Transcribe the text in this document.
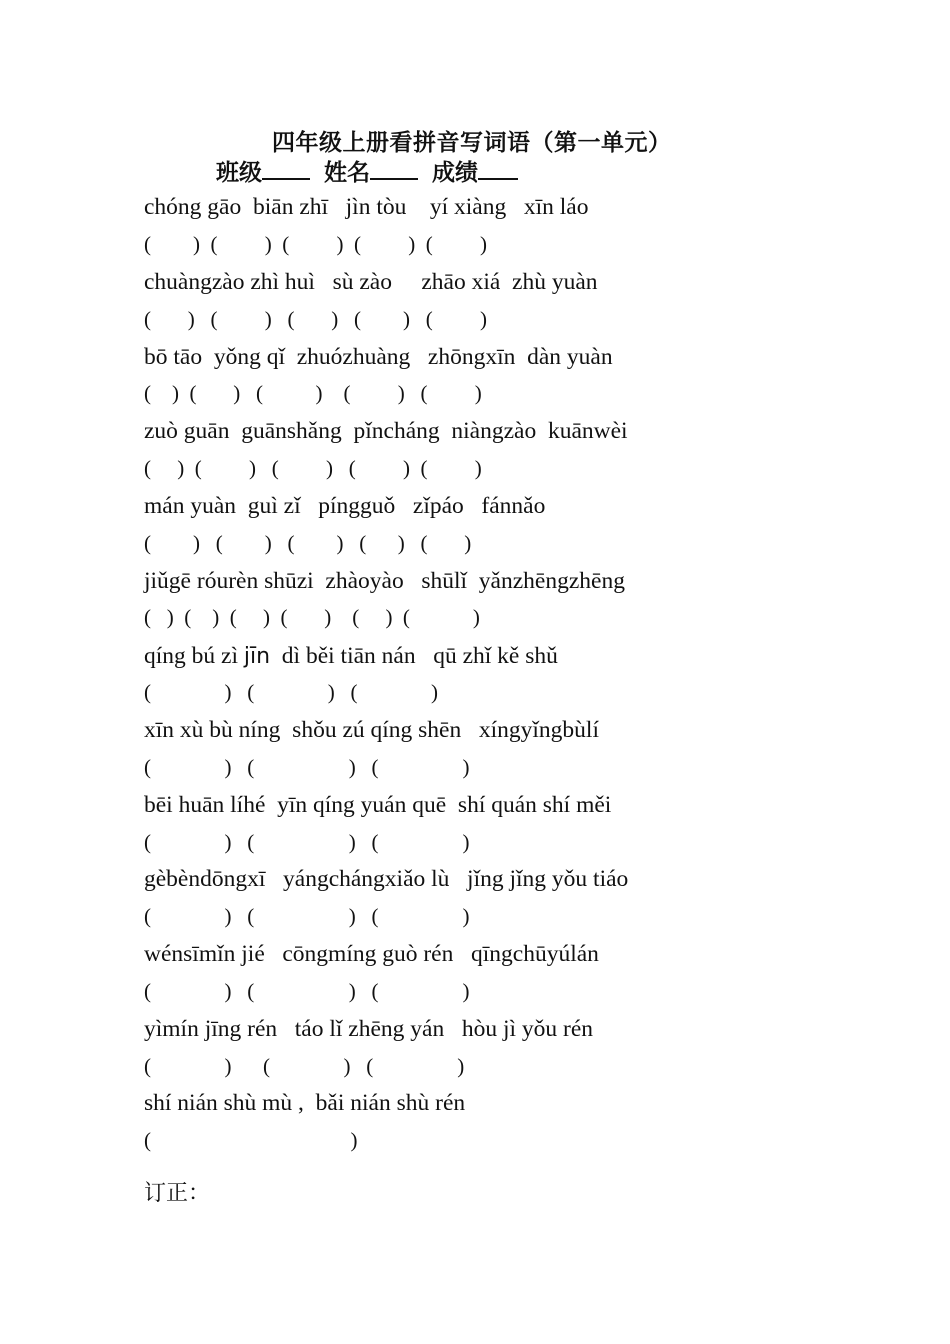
四年级上册看拼音写词语（第一单元）
班级	姓名	成绩
chóng gāo  biān zhī   jìn tòu    yí xiàng   xīn láo
(        )  (         )  (         )  (         )  (         )
chuàngzào zhì huì   sù zào     zhāo xiá  zhù yuàn
(       )   (         )   (       )   (        )   (         )
bō tāo  yǒng qǐ  zhuózhuàng   zhōngxīn  dàn yuàn
(    )  (       )   (          )    (         )   (         )
zuò guān  guānshǎng  pǐncháng  niàngzào  kuānwèi
(     )  (         )   (         )   (         )  (         )
mán yuàn  guì zǐ   píngguǒ   zǐpáo   fánnǎo
(        )   (        )   (        )   (      )   (       )
jiǔgē róurèn shūzi  zhàoyào   shūlǐ  yǎnzhēngzhēng
(   )  (    )  (     )  (       )    (     )  (            )
qíng bú zì jīn  dì běi tiān nán   qū zhǐ kě shǔ
(              )   (              )   (              )
xīn xù bù níng  shǒu zú qíng shēn   xíngyǐngbùlí
(              )   (                  )   (                )
bēi huān líhé  yīn qíng yuán quē  shí quán shí měi
(              )   (                  )   (                )
gèbèndōngxī   yángchángxiǎo lù   jǐng jǐng yǒu tiáo
(              )   (                  )   (                )
wénsīmǐn jié   cōngmíng guò rén   qīngchūyúlán
(              )   (                  )   (                )
yìmín jīng rén   táo lǐ zhēng yán   hòu jì yǒu rén
(              )      (              )   (                )
shí nián shù mù ,  bǎi nián shù rén
(                                      )
订正：
